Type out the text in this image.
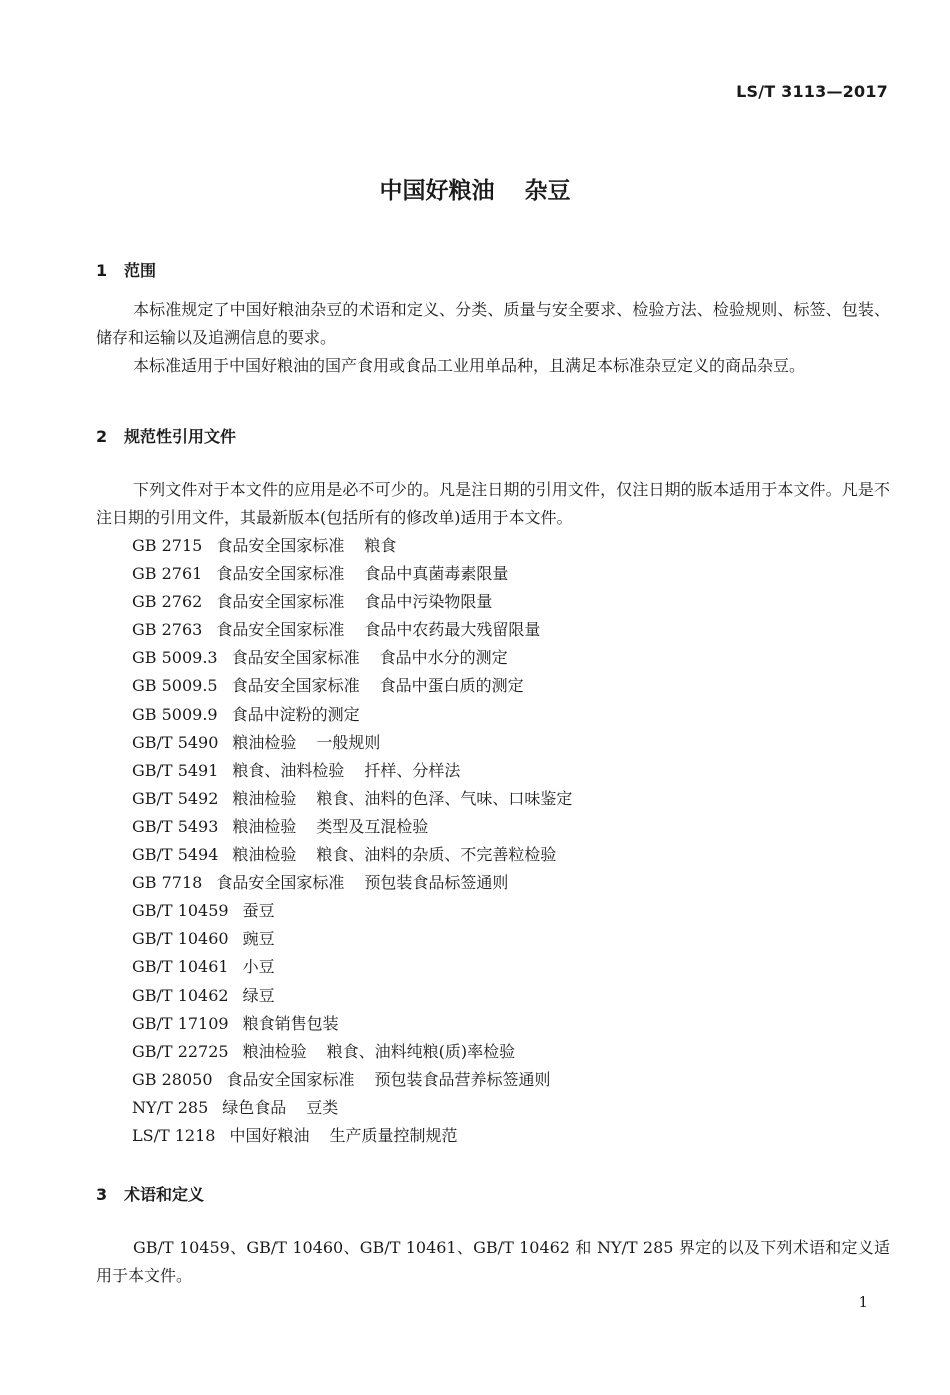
LS/T 3113—2017
中国好粮油 杂豆
1 范围

本标准规定了中国好粮油杂豆的术语和定义、分类、质量与安全要求、检验方法、检验规则、标签、包装、储存和运输以及追溯信息的要求。

本标准适用于中国好粮油的国产食用或食品工业用单品种，且满足本标准杂豆定义的商品杂豆。

2 规范性引用文件

下列文件对于本文件的应用是必不可少的。凡是注日期的引用文件，仅注日期的版本适用于本文件。凡是不注日期的引用文件，其最新版本(包括所有的修改单)适用于本文件。

GB 2715 食品安全国家标准 粮食
GB 2761 食品安全国家标准 食品中真菌毒素限量
GB 2762 食品安全国家标准 食品中污染物限量
GB 2763 食品安全国家标准 食品中农药最大残留限量
GB 5009.3 食品安全国家标准 食品中水分的测定
GB 5009.5 食品安全国家标准 食品中蛋白质的测定
GB 5009.9 食品中淀粉的测定
GB/T 5490 粮油检验 一般规则
GB/T 5491 粮食、油料检验 扦样、分样法
GB/T 5492 粮油检验 粮食、油料的色泽、气味、口味鉴定
GB/T 5493 粮油检验 类型及互混检验
GB/T 5494 粮油检验 粮食、油料的杂质、不完善粒检验
GB 7718 食品安全国家标准 预包装食品标签通则
GB/T 10459 蚕豆
GB/T 10460 豌豆
GB/T 10461 小豆
GB/T 10462 绿豆
GB/T 17109 粮食销售包装
GB/T 22725 粮油检验 粮食、油料纯粮(质)率检验
GB 28050 食品安全国家标准 预包装食品营养标签通则
NY/T 285 绿色食品 豆类
LS/T 1218 中国好粮油 生产质量控制规范
3 术语和定义

GB/T 10459、GB/T 10460、GB/T 10461、GB/T 10462 和 NY/T 285 界定的以及下列术语和定义适用于本文件。

1
